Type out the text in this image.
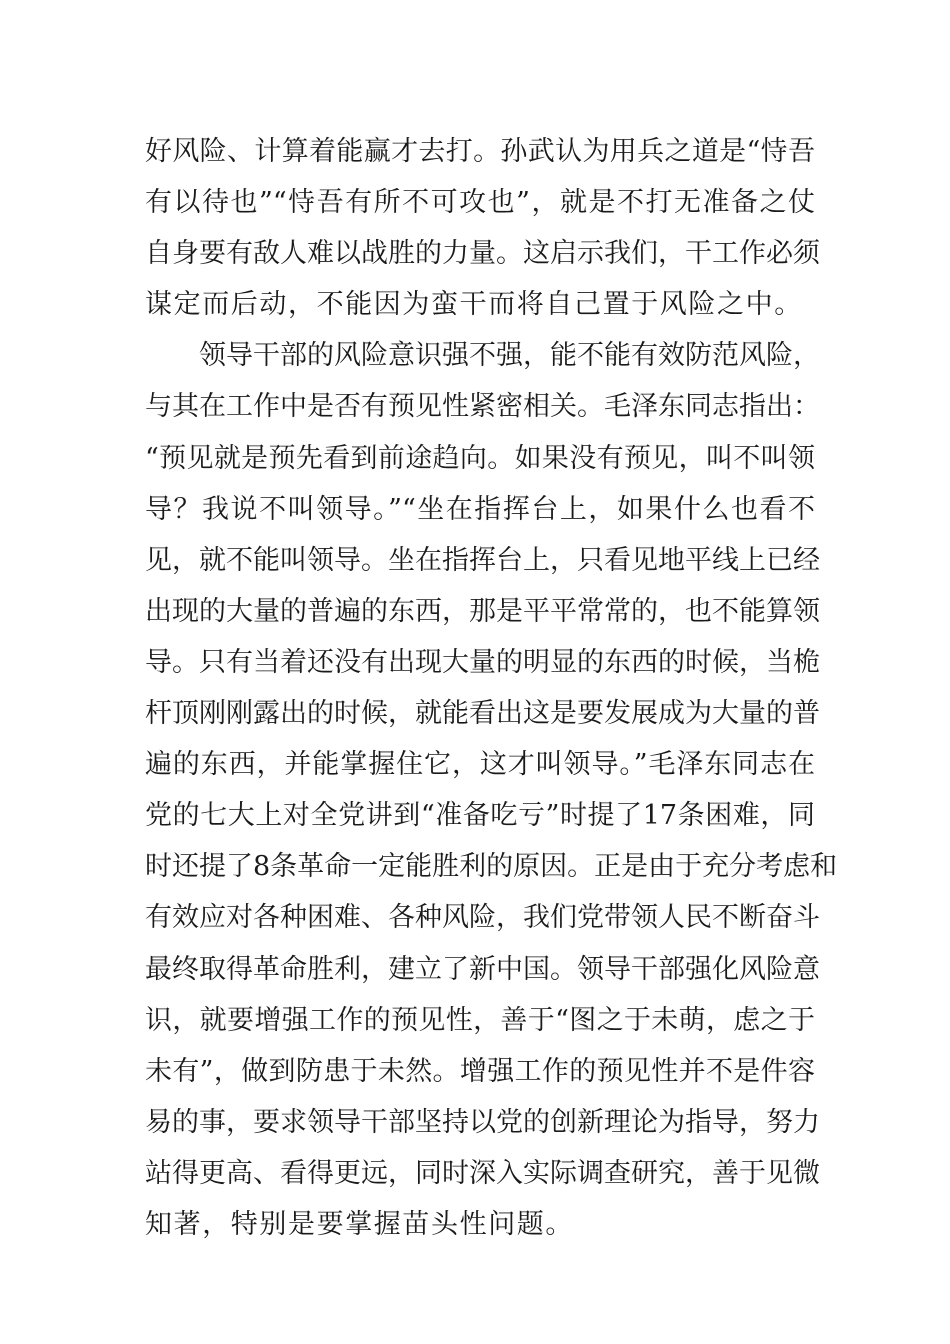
好风险、计算着能赢才去打。孙武认为用兵之道是“恃吾
有以待也”“恃吾有所不可攻也”，就是不打无准备之仗
自身要有敌人难以战胜的力量。这启示我们，干工作必须
谋定而后动，不能因为蛮干而将自己置于风险之中。
领导干部的风险意识强不强，能不能有效防范风险，
与其在工作中是否有预见性紧密相关。毛泽东同志指出：
“预见就是预先看到前途趋向。如果没有预见，叫不叫领
导？我说不叫领导。”“坐在指挥台上，如果什么也看不
见，就不能叫领导。坐在指挥台上，只看见地平线上已经
出现的大量的普遍的东西，那是平平常常的，也不能算领
导。只有当着还没有出现大量的明显的东西的时候，当桅
杆顶刚刚露出的时候，就能看出这是要发展成为大量的普
遍的东西，并能掌握住它，这才叫领导。”毛泽东同志在
党的七大上对全党讲到“准备吃亏”时提了17条困难，同
时还提了8条革命一定能胜利的原因。正是由于充分考虑和
有效应对各种困难、各种风险，我们党带领人民不断奋斗
最终取得革命胜利，建立了新中国。领导干部强化风险意
识，就要增强工作的预见性，善于“图之于未萌，虑之于
未有”，做到防患于未然。增强工作的预见性并不是件容
易的事，要求领导干部坚持以党的创新理论为指导，努力
站得更高、看得更远，同时深入实际调查研究，善于见微
知著，特别是要掌握苗头性问题。
